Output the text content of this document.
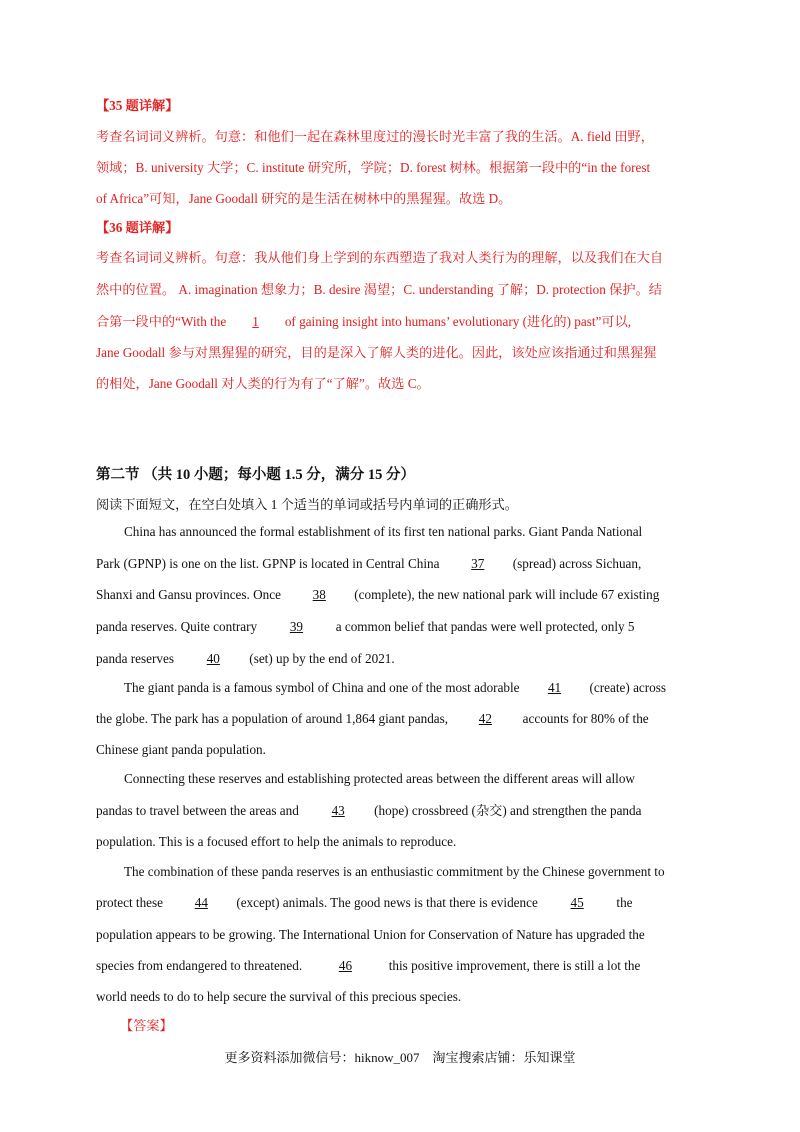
【35 题详解】
考查名词词义辨析。句意：和他们一起在森林里度过的漫长时光丰富了我的生活。A. field 田野，
领域；B. university 大学；C. institute 研究所，学院；D. forest 树林。根据第一段中的“in the forest
of Africa”可知，Jane Goodall 研究的是生活在树林中的黑猩猩。故选 D。
【36 题详解】
考查名词词义辨析。句意：我从他们身上学到的东西塑造了我对人类行为的理解，以及我们在大自
然中的位置。 A. imagination 想象力；B. desire 渴望；C. understanding 了解；D. protection 保护。结
合第一段中的“With the 1 of gaining insight into humans’ evolutionary (进化的) past”可以,
Jane Goodall 参与对黑猩猩的研究，目的是深入了解人类的进化。因此，该处应该指通过和黑猩猩
的相处，Jane Goodall 对人类的行为有了“了解”。故选 C。
第二节 （共 10 小题；每小题 1.5 分，满分 15 分）
阅读下面短文，在空白处填入 1 个适当的单词或括号内单词的正确形式。
China has announced the formal establishment of its first ten national parks. Giant Panda National
Park (GPNP) is one on the list. GPNP is located in Central China 37 (spread) across Sichuan,
Shanxi and Gansu provinces. Once 38 (complete), the new national park will include 67 existing
panda reserves. Quite contrary 39 a common belief that pandas were well protected, only 5
panda reserves 40 (set) up by the end of 2021.
The giant panda is a famous symbol of China and one of the most adorable 41 (create) across
the globe. The park has a population of around 1,864 giant pandas, 42 accounts for 80% of the
Chinese giant panda population.
Connecting these reserves and establishing protected areas between the different areas will allow
pandas to travel between the areas and 43 (hope) crossbreed (杂交) and strengthen the panda
population. This is a focused effort to help the animals to reproduce.
The combination of these panda reserves is an enthusiastic commitment by the Chinese government to
protect these 44 (except) animals. The good news is that there is evidence 45 the
population appears to be growing. The International Union for Conservation of Nature has upgraded the
species from endangered to threatened.	46	this positive improvement, there is still a lot the
world needs to do to help secure the survival of this precious species.
【答案】
更多资料添加微信号：hiknow_007　淘宝搜索店铺：乐知课堂
